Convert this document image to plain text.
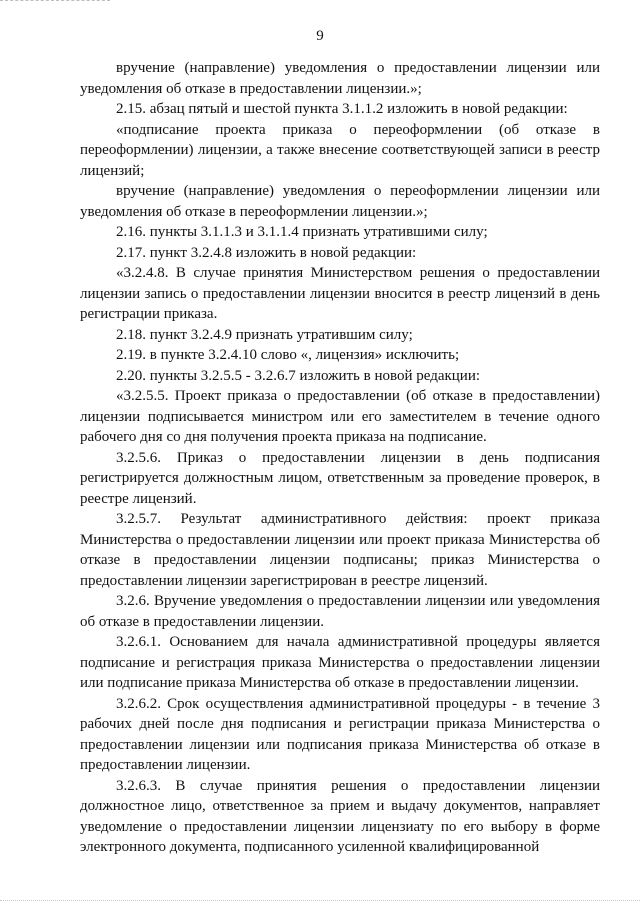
9

вручение (направление) уведомления о предоставлении лицензии или уведомления об отказе в предоставлении лицензии.»;

2.15. абзац пятый и шестой пункта 3.1.1.2 изложить в новой редакции:

«подписание проекта приказа о переоформлении (об отказе в переоформлении) лицензии, а также внесение соответствующей записи в реестр лицензий;

вручение (направление) уведомления о переоформлении лицензии или уведомления об отказе в переоформлении лицензии.»;

2.16. пункты 3.1.1.3 и 3.1.1.4 признать утратившими силу;

2.17. пункт 3.2.4.8 изложить в новой редакции:

«3.2.4.8. В случае принятия Министерством решения о предоставлении лицензии запись о предоставлении лицензии вносится в реестр лицензий в день регистрации приказа.

2.18. пункт 3.2.4.9 признать утратившим силу;

2.19. в пункте 3.2.4.10 слово «, лицензия» исключить;

2.20. пункты 3.2.5.5 - 3.2.6.7 изложить в новой редакции:

«3.2.5.5. Проект приказа о предоставлении (об отказе в предоставлении) лицензии подписывается министром или его заместителем в течение одного рабочего дня со дня получения проекта приказа на подписание.

3.2.5.6. Приказ о предоставлении лицензии в день подписания регистрируется должностным лицом, ответственным за проведение проверок, в реестре лицензий.

3.2.5.7. Результат административного действия: проект приказа Министерства о предоставлении лицензии или проект приказа Министерства об отказе в предоставлении лицензии подписаны; приказ Министерства о предоставлении лицензии зарегистрирован в реестре лицензий.

3.2.6. Вручение уведомления о предоставлении лицензии или уведомления об отказе в предоставлении лицензии.

3.2.6.1. Основанием для начала административной процедуры является подписание и регистрация приказа Министерства о предоставлении лицензии или подписание приказа Министерства об отказе в предоставлении лицензии.

3.2.6.2. Срок осуществления административной процедуры - в течение 3 рабочих дней после дня подписания и регистрации приказа Министерства о предоставлении лицензии или подписания приказа Министерства об отказе в предоставлении лицензии.

3.2.6.3. В случае принятия решения о предоставлении лицензии должностное лицо, ответственное за прием и выдачу документов, направляет уведомление о предоставлении лицензии лицензиату по его выбору в форме электронного документа, подписанного усиленной квалифицированной
